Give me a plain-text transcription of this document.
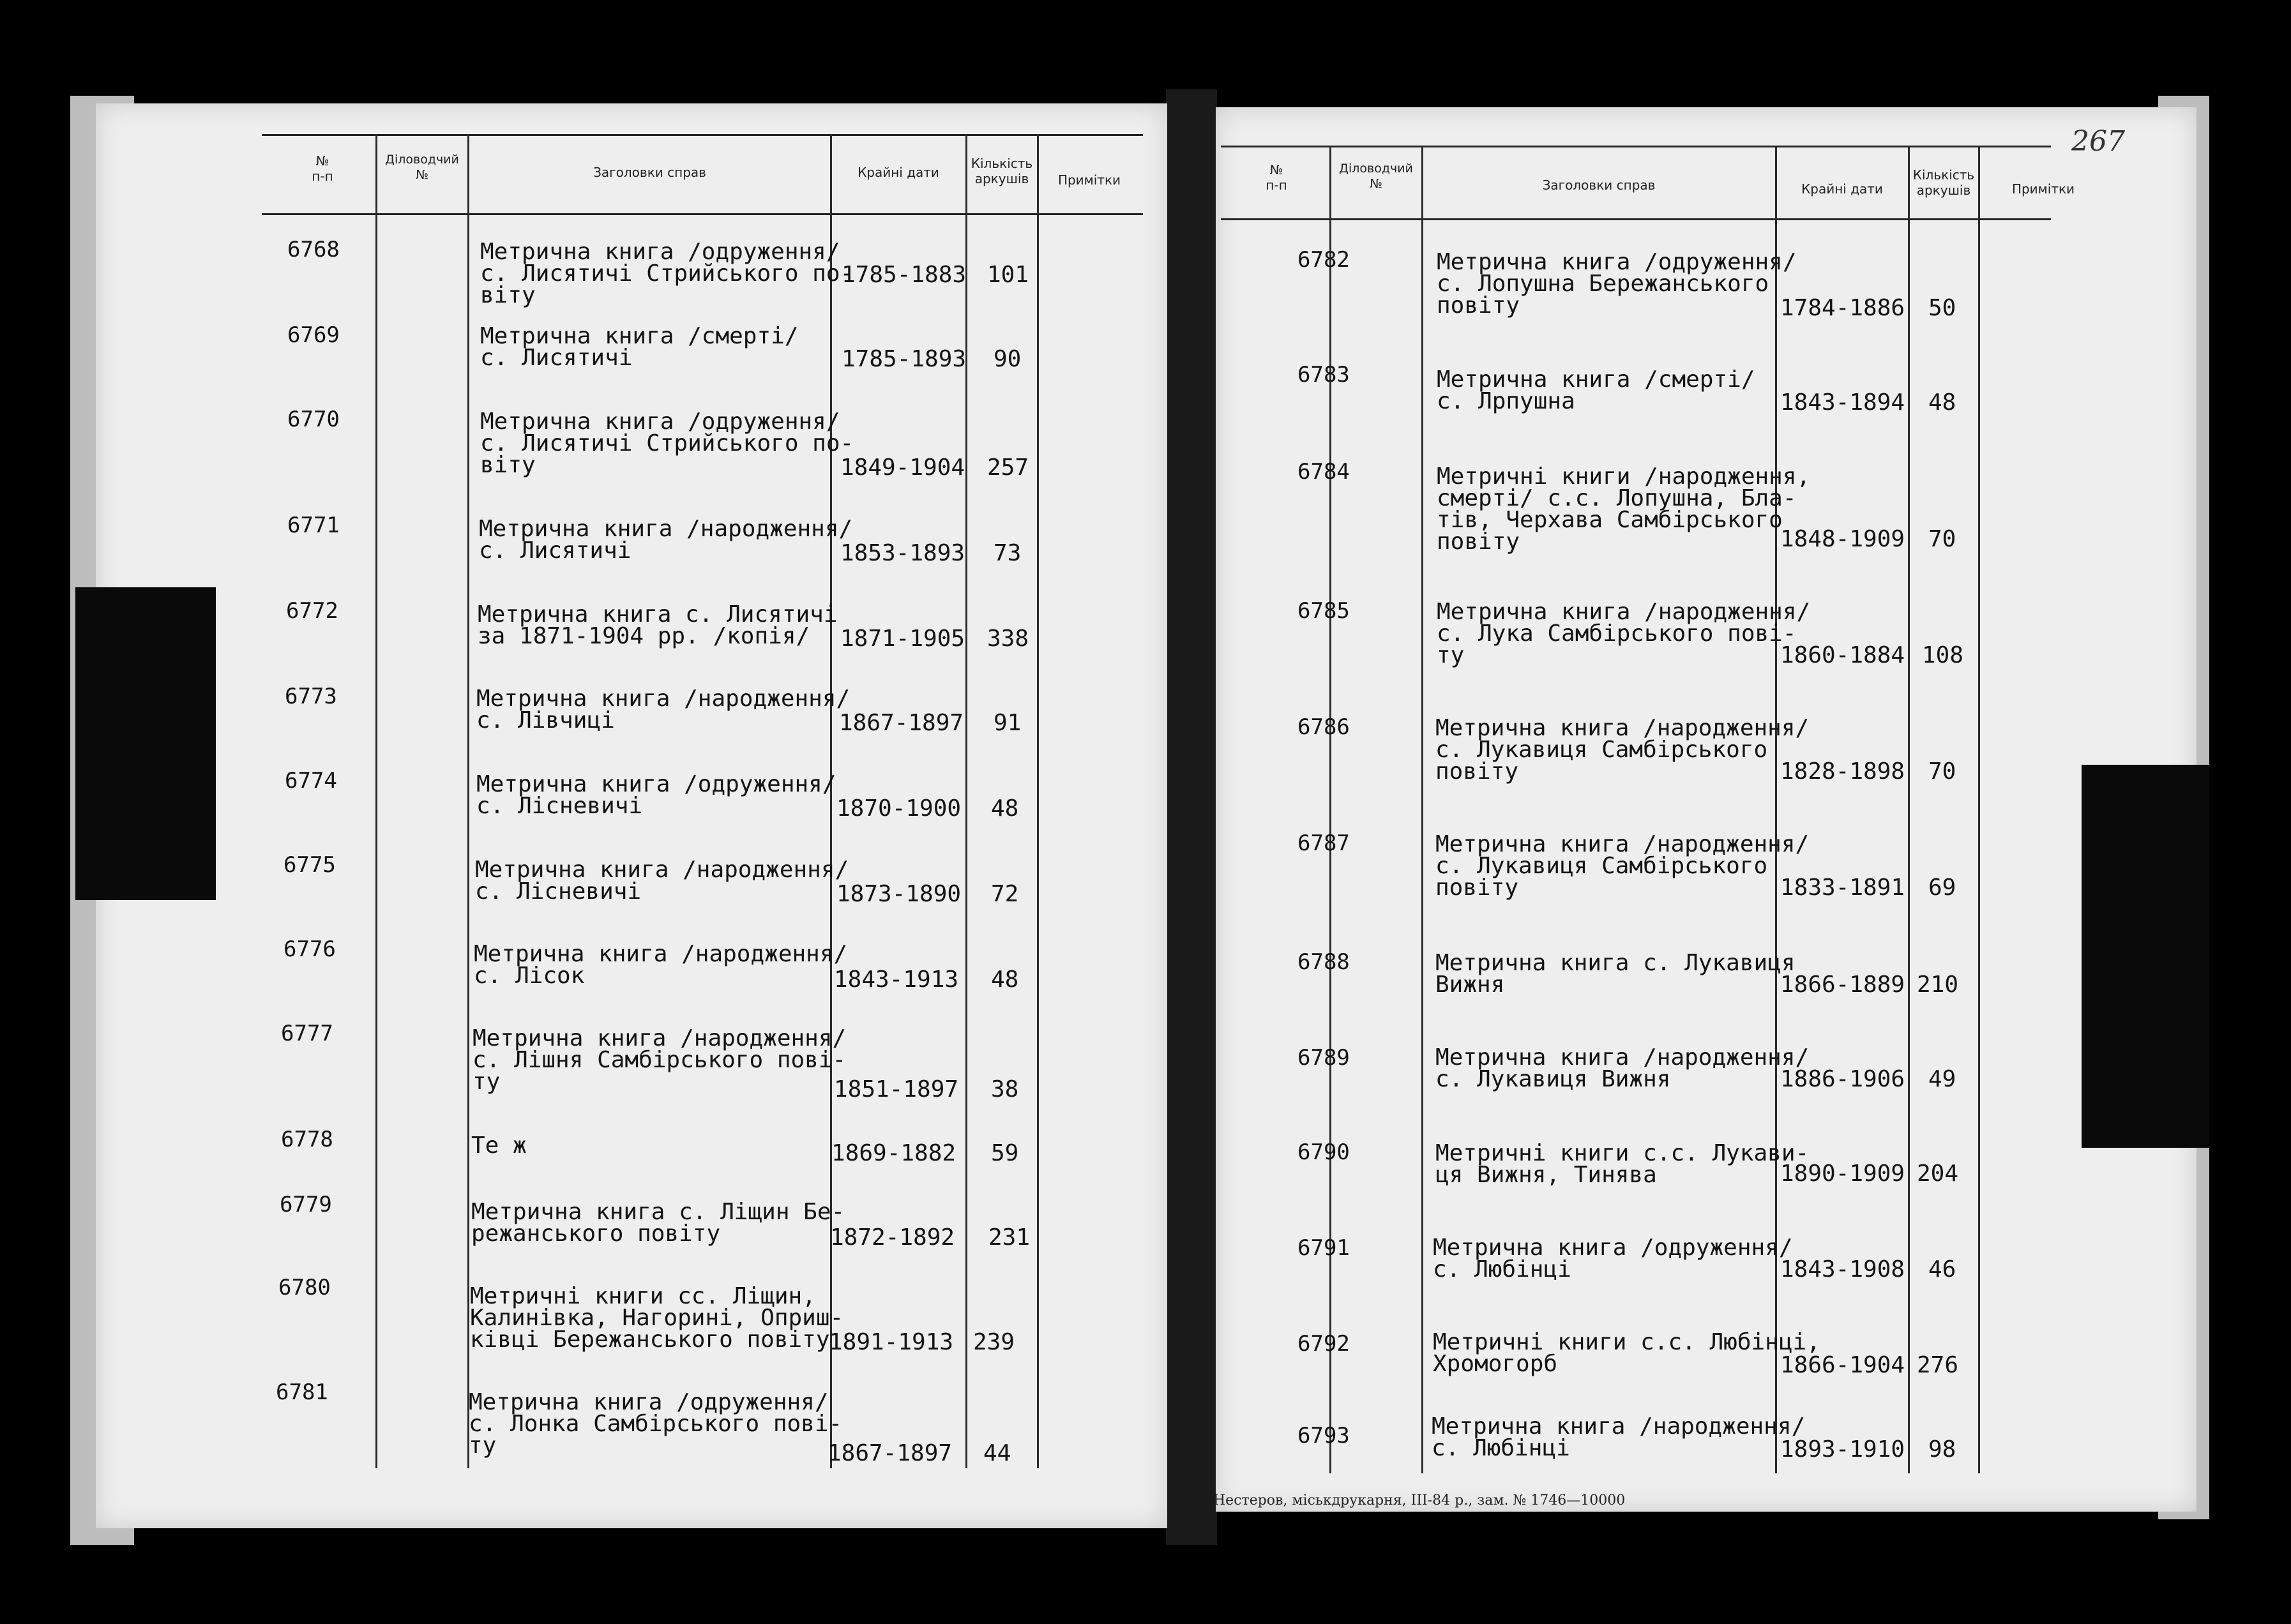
№
п-п
Діловодчий
№	Заголовки справ	Крайні дати
Кількість
аркушів	Примітки
6768	Метрична книга /одруження/
с. Лисятичі Стрийського по-
віту
1785-1883 101
6769	Метрична книга /смерті/
с. Лисятичі	1785-1893 90
6770	Метрична книга /одруження/
с. Лисятичі Стрийського по-
віту	1849-1904 257
6771	Метрична книга /народження/
с. Лисятичі	1853-1893 73
6772	Метрична книга с. Лисятичі
за 1871-1904 рр. /копія/	1871-1905 338
6773	Метрична книга /народження/
с. Лівчиці	1867-1897 91
6774	Метрична книга /одруження/
с. Лісневичі	1870-1900 48
6775	Метрична книга /народження/
с. Лісневичі	1873-1890 72
6776	Метрична книга /народження/
с. Лісок	1843-1913 48
6777	Метрична книга /народження/
с. Лішня Самбірського пові-
ту	1851-1897 38
6778	Те ж	1869-1882 59
6779	Метрична книга с. Ліщин Бе-
режанського повіту	1872-1892 231
6780	Метричні книги сс. Ліщин,
Калинівка, Нагорині, Оприш-
ківці Бережанського повіту
1891-1913 239
6781	Метрична книга /одруження/
с. Лонка Самбірського пові-
ту	1867-1897 44
№
п-п
Діловодчий
№	Заголовки справ	Крайні дати
Кількість
аркушів	Примітки
267
6782	Метрична книга /одруження/
с. Лопушна Бережанського
повіту	1784-1886 50
6783	Метрична книга /смерті/
с. Лрпушна	1843-1894 48
6784	Метричні книги /народження,
смерті/ с.с. Лопушна, Бла-
тів, Черхава Самбірського
повіту	1848-1909 70
6785	Метрична книга /народження/
с. Лука Самбірського пові-
ту	1860-1884 108
6786	Метрична книга /народження/
с. Лукавиця Самбірського
повіту	1828-1898 70
6787	Метрична книга /народження/
с. Лукавиця Самбірського
повіту	1833-1891 69
6788	Метрична книга с. Лукавиця
Вижня	1866-1889 210
6789	Метрична книга /народження/
с. Лукавиця Вижня	1886-1906 49
6790	Метричні книги с.с. Лукави-
ця Вижня, Тинява	1890-1909 204
6791	Метрична книга /одруження/
с. Любінці	1843-1908 46
6792	Метричні книги с.с. Любінці,
Хромогорб	1866-1904 276
6793	Метрична книга /народження/
с. Любінці	1893-1910 98
Нестеров, міськдрукарня, ІІІ-84 р., зам. № 1746—10000
